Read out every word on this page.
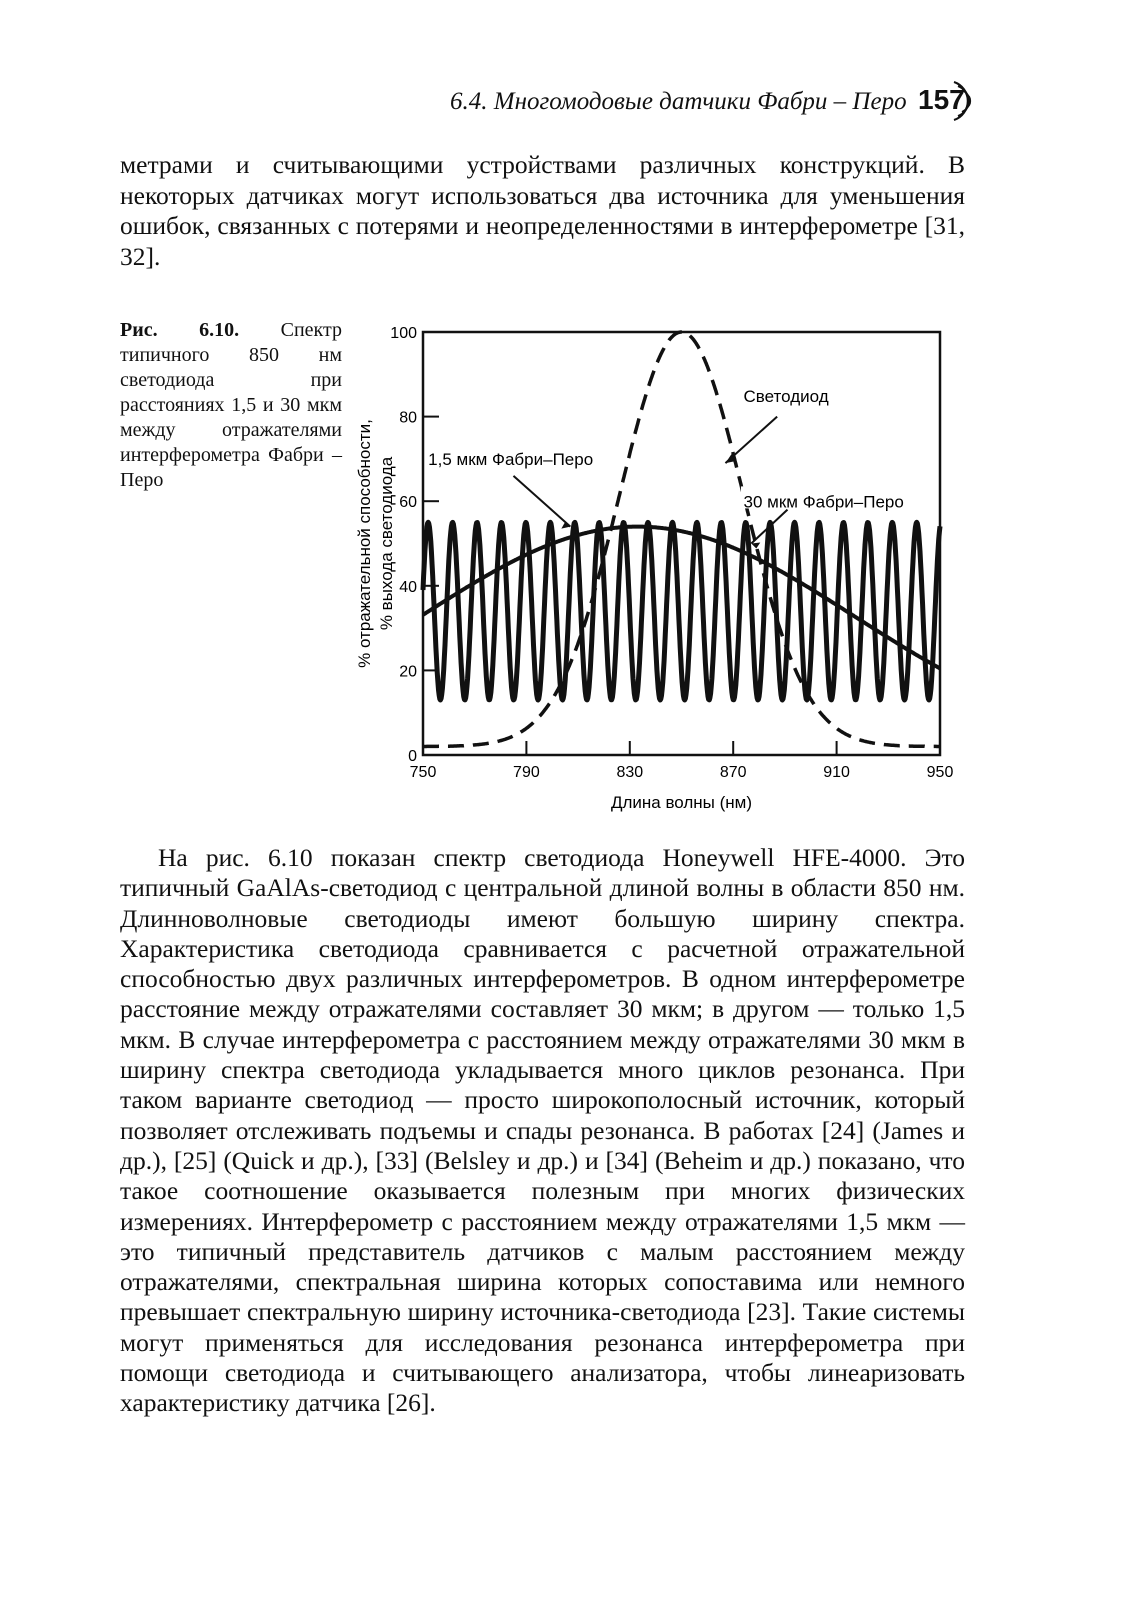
6.4. Многомодовые датчики Фабри – Перо 157

метрами и считывающими устройствами различных конструкций. В некоторых датчиках могут использоваться два источника для уменьшения ошибок, связанных с потерями и неопределенностями в интерферометре [31, 32].

Рис. 6.10. Спектр типичного 850 нм светодиода при расстояниях 1,5 и 30 мкм между отражателями интерферометра Фабри – Перо

750	790	830	870	910	950
0
20
40
60
80
100
Длина волны (нм)
% отражательной способности, % выхода светодиода
Светодиод
1,5 мкм Фабри–Перо
30 мкм Фабри–Перо

На рис. 6.10 показан спектр светодиода Honeywell HFE-4000. Это типичный GaAlAs-светодиод с центральной длиной волны в области 850 нм. Длинноволновые светодиоды имеют большую ширину спектра. Характеристика светодиода сравнивается с расчетной отражательной способностью двух различных интерферометров. В одном интерферометре расстояние между отражателями составляет 30 мкм; в другом — только 1,5 мкм. В случае интерферометра с расстоянием между отражателями 30 мкм в ширину спектра светодиода укладывается много циклов резонанса. При таком варианте светодиод — просто широкополосный источник, который позволяет отслеживать подъемы и спады резонанса. В работах [24] (James и др.), [25] (Quick и др.), [33] (Belsley и др.) и [34] (Beheim и др.) показано, что такое соотношение оказывается полезным при многих физических измерениях. Интерферометр с расстоянием между отражателями 1,5 мкм — это типичный представитель датчиков с малым расстоянием между отражателями, спектральная ширина которых сопоставима или немного превышает спектральную ширину источника-светодиода [23]. Такие системы могут применяться для исследования резонанса интерферометра при помощи светодиода и считывающего анализатора, чтобы линеаризовать характеристику датчика [26].
